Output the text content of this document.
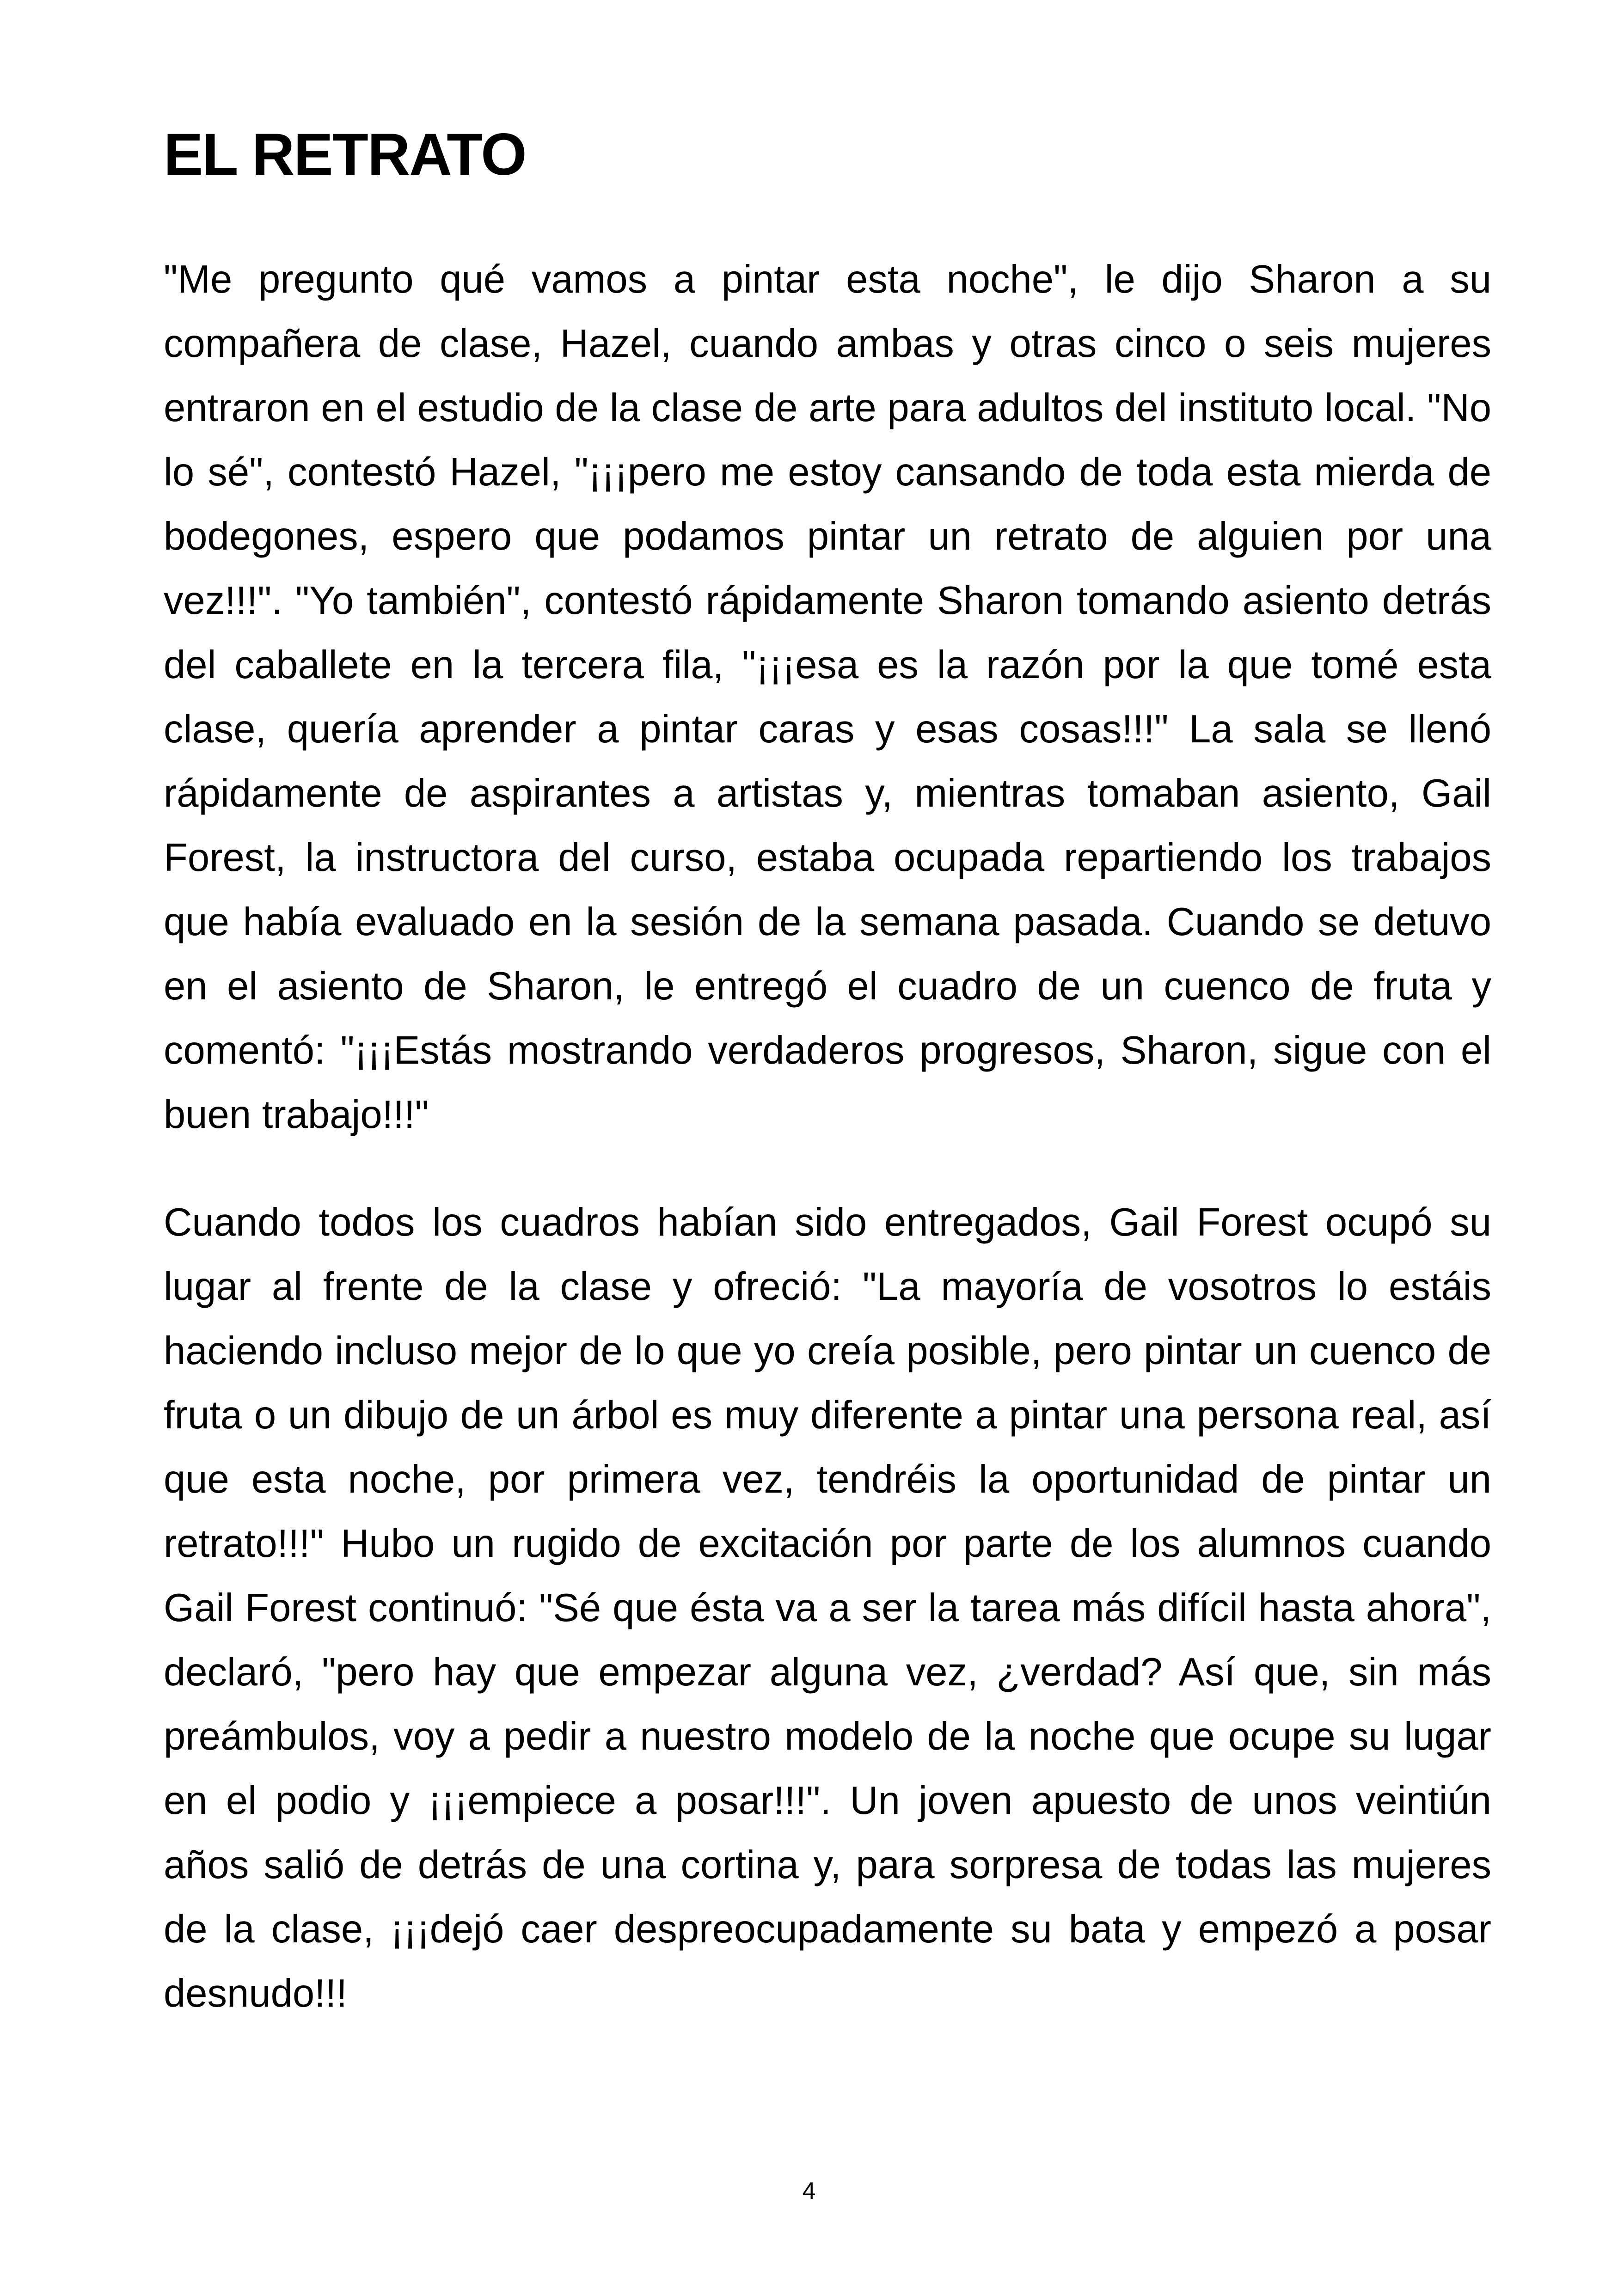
EL RETRATO

"Me pregunto qué vamos a pintar esta noche", le dijo Sharon a su compañera de clase, Hazel, cuando ambas y otras cinco o seis mujeres entraron en el estudio de la clase de arte para adultos del instituto local. "No lo sé", contestó Hazel, "¡¡¡pero me estoy cansando de toda esta mierda de bodegones, espero que podamos pintar un retrato de alguien por una vez!!!". "Yo también", contestó rápidamente Sharon tomando asiento detrás del caballete en la tercera fila, "¡¡¡esa es la razón por la que tomé esta clase, quería aprender a pintar caras y esas cosas!!!" La sala se llenó rápidamente de aspirantes a artistas y, mientras tomaban asiento, Gail Forest, la instructora del curso, estaba ocupada repartiendo los trabajos que había evaluado en la sesión de la semana pasada. Cuando se detuvo en el asiento de Sharon, le entregó el cuadro de un cuenco de fruta y comentó: "¡¡¡Estás mostrando verdaderos progresos, Sharon, sigue con el buen trabajo!!!"

Cuando todos los cuadros habían sido entregados, Gail Forest ocupó su lugar al frente de la clase y ofreció: "La mayoría de vosotros lo estáis haciendo incluso mejor de lo que yo creía posible, pero pintar un cuenco de fruta o un dibujo de un árbol es muy diferente a pintar una persona real, así que esta noche, por primera vez, tendréis la oportunidad de pintar un retrato!!!" Hubo un rugido de excitación por parte de los alumnos cuando Gail Forest continuó: "Sé que ésta va a ser la tarea más difícil hasta ahora", declaró, "pero hay que empezar alguna vez, ¿verdad? Así que, sin más preámbulos, voy a pedir a nuestro modelo de la noche que ocupe su lugar en el podio y ¡¡¡empiece a posar!!!". Un joven apuesto de unos veintiún años salió de detrás de una cortina y, para sorpresa de todas las mujeres de la clase, ¡¡¡dejó caer despreocupadamente su bata y empezó a posar desnudo!!!

4
